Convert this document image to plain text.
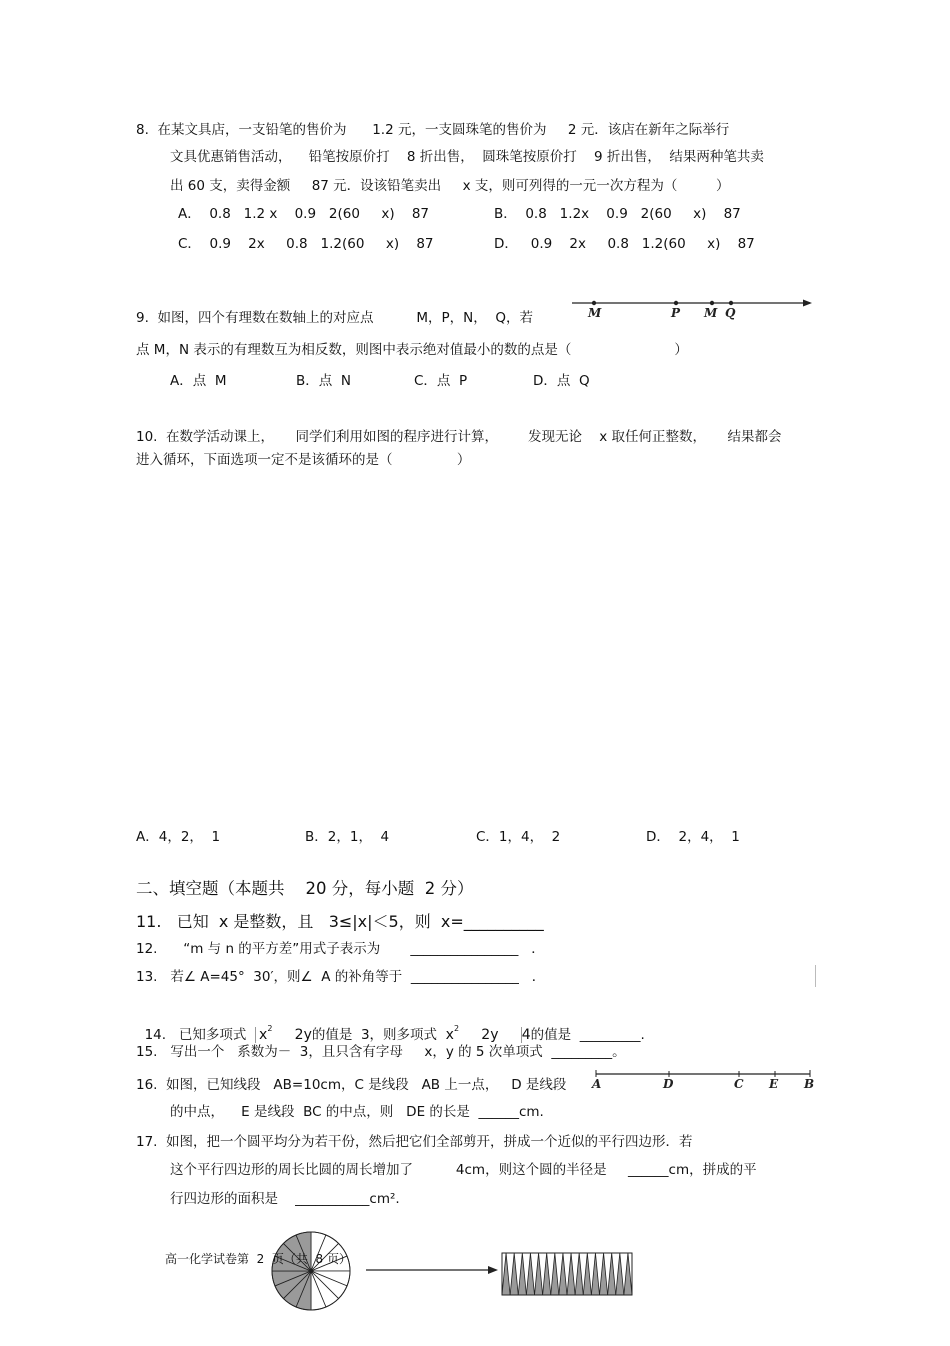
8.  在某文具店，一支铅笔的售价为      1.2 元，一支圆珠笔的售价为     2 元．该店在新年之际举行
文具优惠销售活动，    铅笔按原价打    8 折出售，  圆珠笔按原价打    9 折出售，  结果两种笔共卖
出 60 支，卖得金额     87 元．设该铅笔卖出     x 支，则可列得的一元一次方程为（         ）
A．  0.8   1.2 x    0.9   2(60     x)    87	B．  0.8   1.2x    0.9   2(60     x)    87
C．  0.9    2x     0.8   1.2(60     x)    87	D．   0.9    2x     0.8   1.2(60     x)    87
9.  如图，四个有理数在数轴上的对应点          M，P，N，  Q，若	M	P M Q
点 M，N 表示的有理数互为相反数，则图中表示绝对值最小的数的点是（                        ）
A．点  M	B．点  N	C．点  P	D．点  Q
10.  在数学活动课上，     同学们利用如图的程序进行计算，       发现无论    x 取任何正整数，     结果都会
进入循环，下面选项一定不是该循环的是（               ）
A．4，2，  1	B．2，1，  4	C．1，4，  2	D．  2，4，  1
二、填空题（本题共    20 分，每小题  2 分）
11.   已知  x 是整数，且   3≤|x|＜5，则  x=__________
12.      “m 与 n 的平方差”用式子表示为       ________________   ．
13.   若∠ A=45°  30′，则∠  A 的补角等于  ________________   ．

14.   已知多项式  $x^2$     2y的值是  3，则多项式  $x^2$     2y     4的值是  _________.

15.   写出一个   系数为－  3，且只含有字母     x，y 的 5 次单项式  _________。
16.  如图，已知线段   AB=10cm，C 是线段   AB 上一点，   D 是线段 A	D	C E B
的中点，    E 是线段  BC 的中点，则   DE 的长是  ______cm.
17.  如图，把一个圆平均分为若干份，然后把它们全部剪开，拼成一个近似的平行四边形．若
这个平行四边形的周长比圆的周长增加了          4cm，则这个圆的半径是     ______cm，拼成的平
行四边形的面积是    ___________cm².
高一化学试卷第  2  页（共  8 页）
